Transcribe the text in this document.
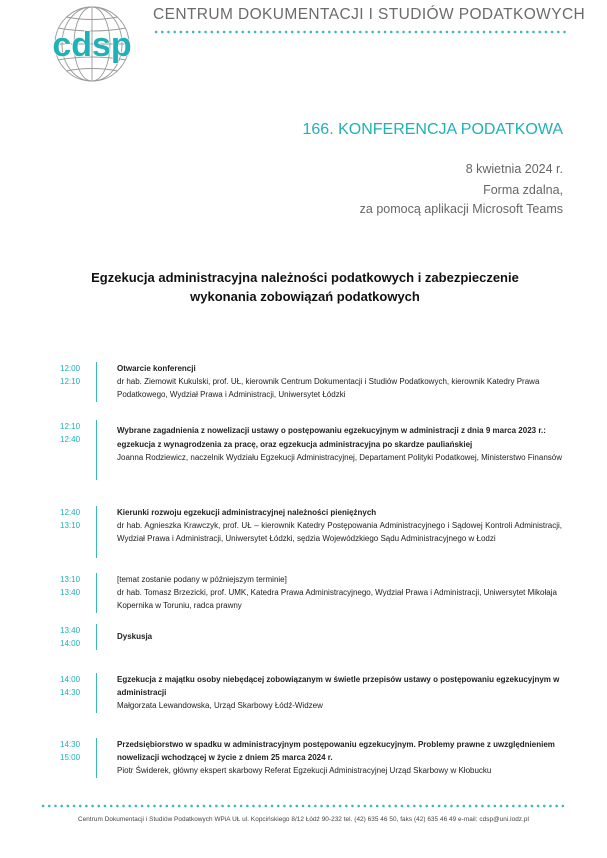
cdsp
CENTRUM DOKUMENTACJI I STUDIÓW PODATKOWYCH
166. KONFERENCJA PODATKOWA
8 kwietnia 2024 r.
Forma zdalna,
za pomocą aplikacji Microsoft Teams
Egzekucja administracyjna należności podatkowych i zabezpieczenie
wykonania zobowiązań podatkowych
12:00
12:10
Otwarcie konferencji
dr hab. Ziemowit Kukulski, prof. UŁ, kierownik Centrum Dokumentacji i Studiów Podatkowych, kierownik Katedry Prawa Podatkowego, Wydział Prawa i Administracji, Uniwersytet Łódzki
12:10
12:40
Wybrane zagadnienia z nowelizacji ustawy o postępowaniu egzekucyjnym w administracji z dnia 9 marca 2023 r.: egzekucja z wynagrodzenia za pracę, oraz egzekucja administracyjna po skardze pauliańskiej
Joanna Rodziewicz, naczelnik Wydziału Egzekucji Administracyjnej, Departament Polityki Podatkowej, Ministerstwo Finansów
12:40
13:10
Kierunki rozwoju egzekucji administracyjnej należności pieniężnych
dr hab. Agnieszka Krawczyk, prof. UŁ – kierownik Katedry Postępowania Administracyjnego i Sądowej Kontroli Administracji, Wydział Prawa i Administracji, Uniwersytet Łódzki, sędzia Wojewódzkiego Sądu Administracyjnego w Łodzi
13:10
13:40
[temat zostanie podany w późniejszym terminie]
dr hab. Tomasz Brzezicki, prof. UMK, Katedra Prawa Administracyjnego, Wydział Prawa i Administracji, Uniwersytet Mikołaja Kopernika w Toruniu, radca prawny
13:40
14:00
Dyskusja
14:00
14:30
Egzekucja z majątku osoby niebędącej zobowiązanym w świetle przepisów ustawy o postępowaniu egzekucyjnym w administracji
Małgorzata Lewandowska, Urząd Skarbowy Łódź-Widzew
14:30
15:00
Przedsiębiorstwo w spadku w administracyjnym postępowaniu egzekucyjnym. Problemy prawne z uwzględnieniem nowelizacji wchodzącej w życie z dniem 25 marca 2024 r.
Piotr Świderek, główny ekspert skarbowy Referat Egzekucji Administracyjnej Urząd Skarbowy w Kłobucku
Centrum Dokumentacji i Studiów Podatkowych WPiA UŁ ul. Kopcińskiego 8/12 Łódź 90-232 tel. (42) 635 46 50, faks (42) 635 46 49 e-mail: cdsp@uni.lodz.pl
